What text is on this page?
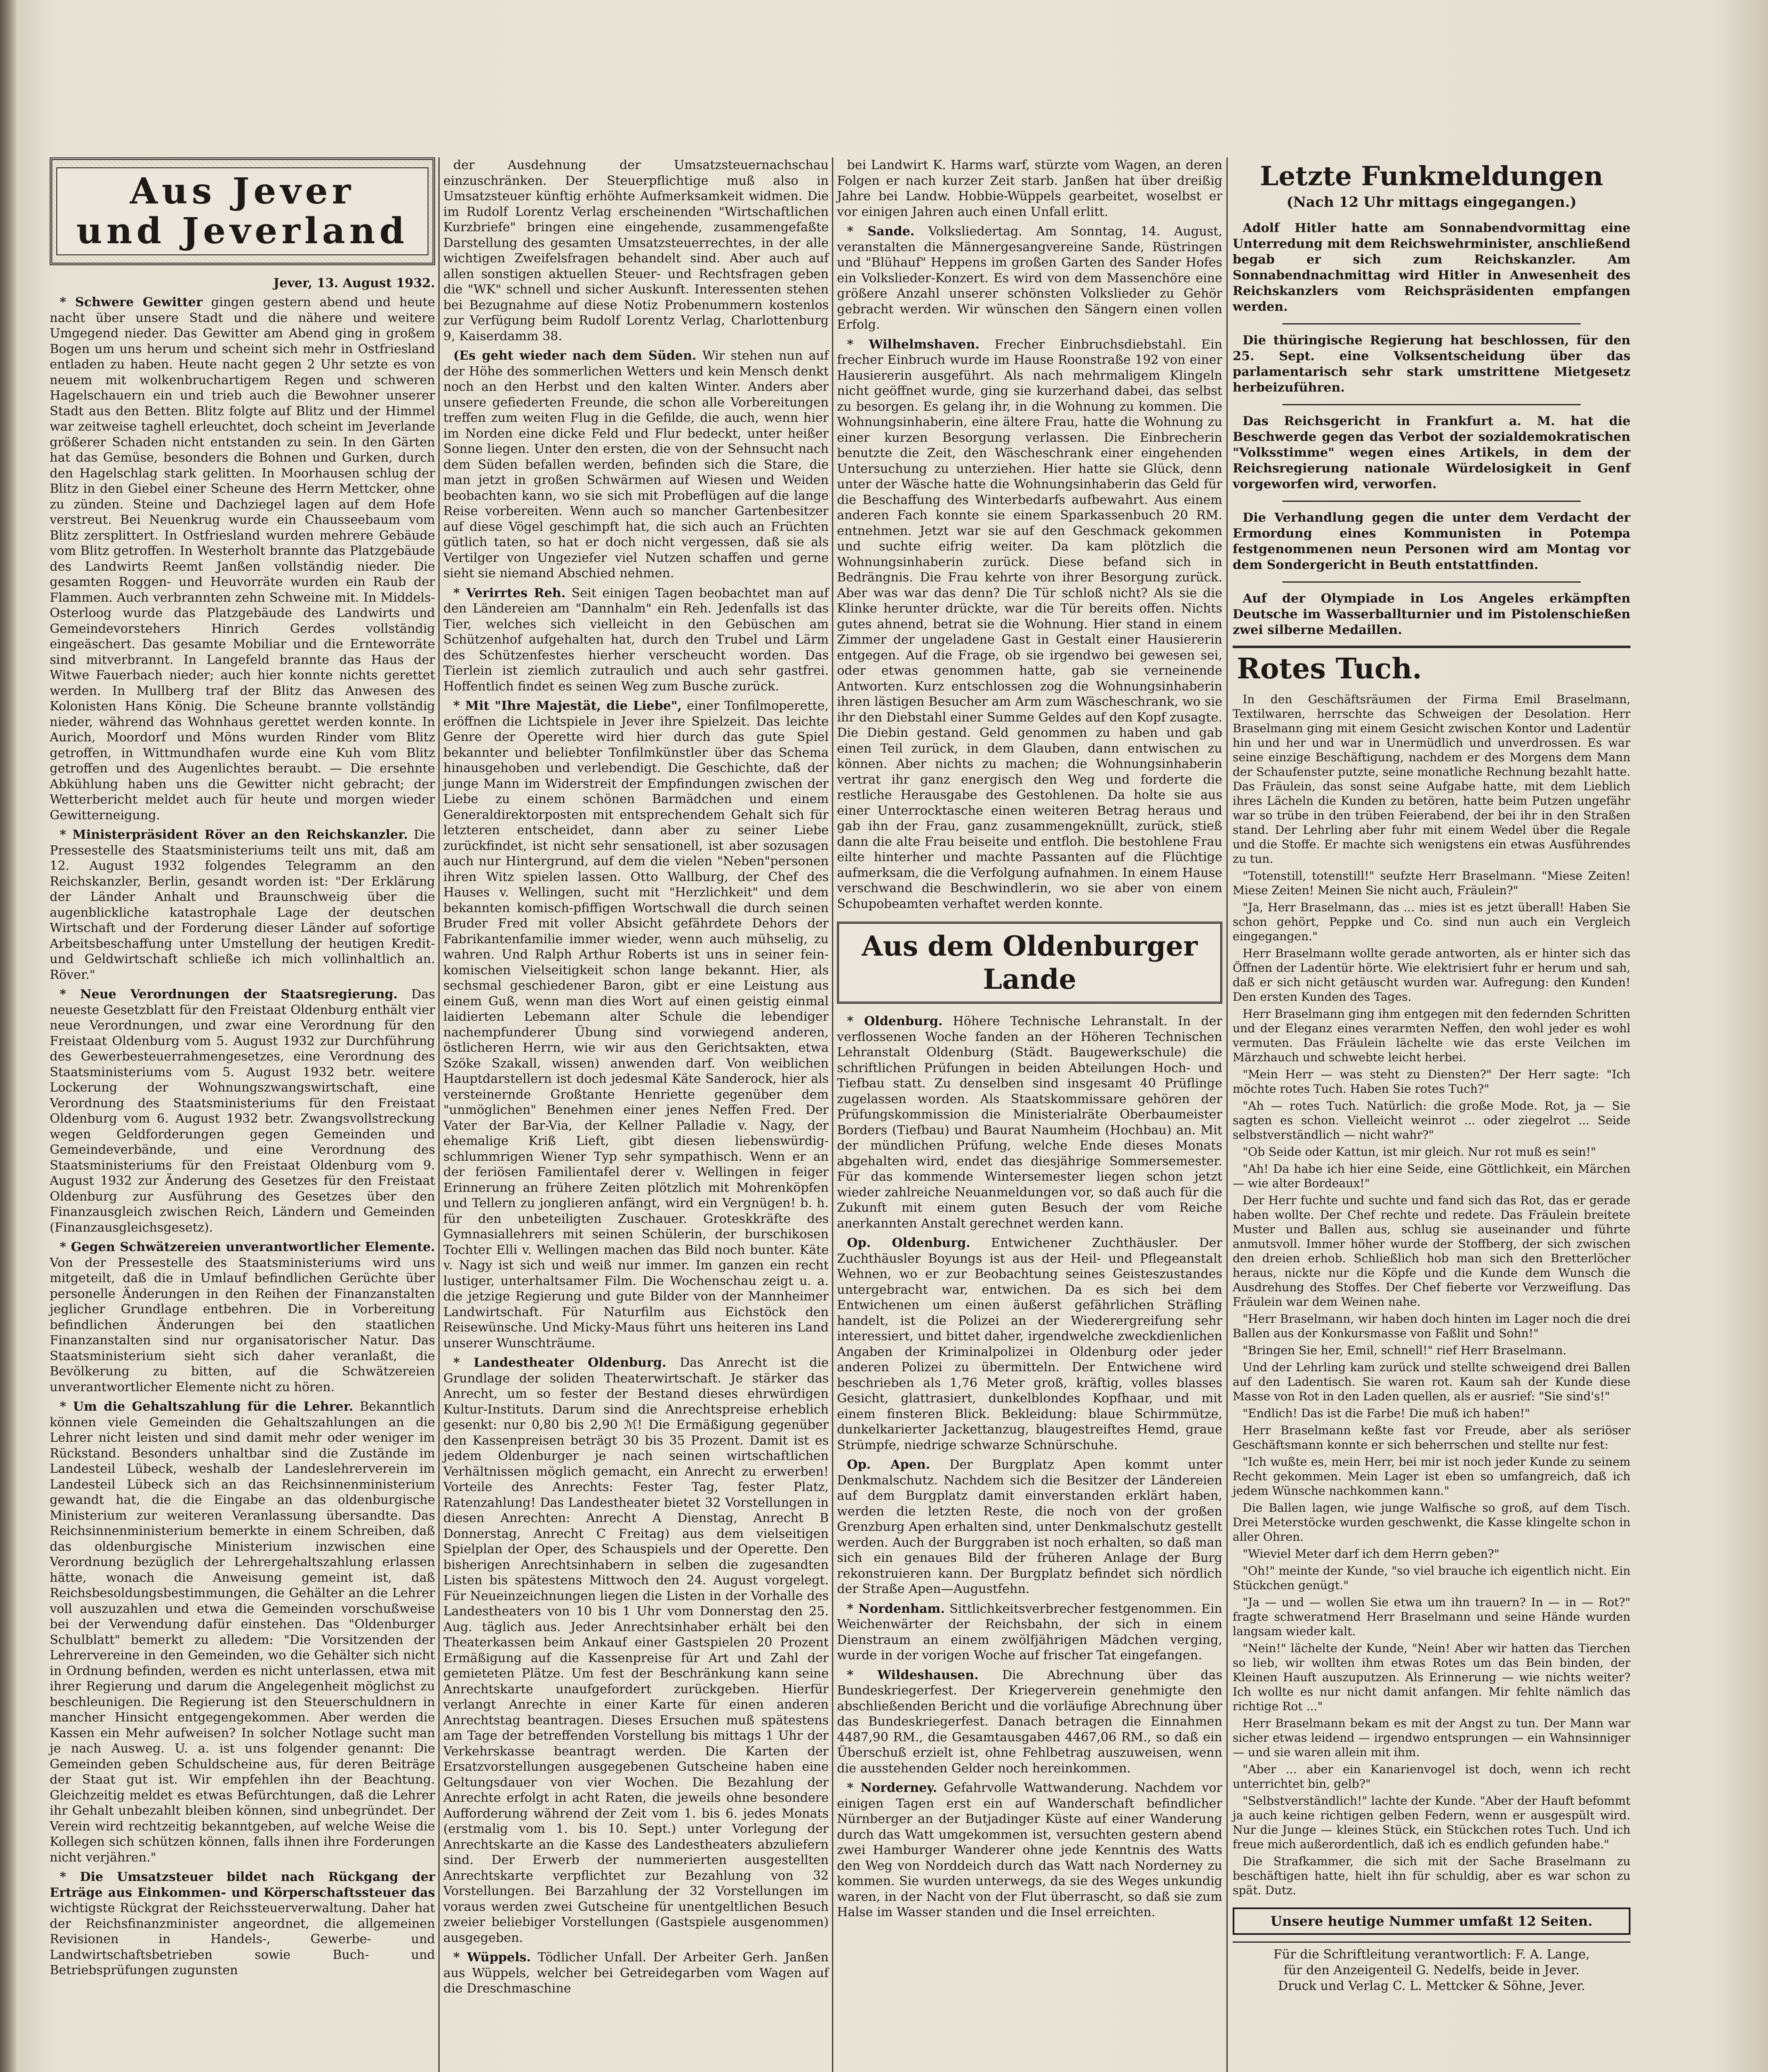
Aus Jever
und Jeverland
Jever, 13. August 1932.

* Schwere Gewitter gingen gestern abend und heute nacht über unsere Stadt und die nähere und weitere Umgegend nieder. Das Gewitter am Abend ging in großem Bogen um uns herum und scheint sich mehr in Ostfriesland entladen zu haben. Heute nacht gegen 2 Uhr setzte es von neuem mit wolkenbruchartigem Regen und schweren Hagelschauern ein und trieb auch die Bewohner unserer Stadt aus den Betten. Blitz folgte auf Blitz und der Himmel war zeitweise taghell erleuchtet, doch scheint im Jeverlande größerer Schaden nicht entstanden zu sein. In den Gärten hat das Gemüse, besonders die Bohnen und Gurken, durch den Hagelschlag stark gelitten. In Moorhausen schlug der Blitz in den Giebel einer Scheune des Herrn Mettcker, ohne zu zünden. Steine und Dachziegel lagen auf dem Hofe verstreut. Bei Neuenkrug wurde ein Chausseebaum vom Blitz zersplittert. In Ostfriesland wurden mehrere Gebäude vom Blitz getroffen. In Westerholt brannte das Platzgebäude des Landwirts Reemt Janßen vollständig nieder. Die gesamten Roggen- und Heuvorräte wurden ein Raub der Flammen. Auch verbrannten zehn Schweine mit. In Middels-Osterloog wurde das Platzgebäude des Landwirts und Gemeindevorstehers Hinrich Gerdes vollständig eingeäschert. Das gesamte Mobiliar und die Ernteworräte sind mitverbrannt. In Langefeld brannte das Haus der Witwe Fauerbach nieder; auch hier konnte nichts gerettet werden. In Mullberg traf der Blitz das Anwesen des Kolonisten Hans König. Die Scheune brannte vollständig nieder, während das Wohnhaus gerettet werden konnte. In Aurich, Moordorf und Möns wurden Rinder vom Blitz getroffen, in Wittmundhafen wurde eine Kuh vom Blitz getroffen und des Augenlichtes beraubt. — Die ersehnte Abkühlung haben uns die Gewitter nicht gebracht; der Wetterbericht meldet auch für heute und morgen wieder Gewitterneigung.

* Ministerpräsident Röver an den Reichskanzler. Die Pressestelle des Staatsministeriums teilt uns mit, daß am 12. August 1932 folgendes Telegramm an den Reichskanzler, Berlin, gesandt worden ist: "Der Erklärung der Länder Anhalt und Braunschweig über die augenblickliche katastrophale Lage der deutschen Wirtschaft und der Forderung dieser Länder auf sofortige Arbeitsbeschaffung unter Umstellung der heutigen Kredit- und Geldwirtschaft schließe ich mich vollinhaltlich an. Röver."

* Neue Verordnungen der Staatsregierung. Das neueste Gesetzblatt für den Freistaat Oldenburg enthält vier neue Verordnungen, und zwar eine Verordnung für den Freistaat Oldenburg vom 5. August 1932 zur Durchführung des Gewerbesteuerrahmengesetzes, eine Verordnung des Staatsministeriums vom 5. August 1932 betr. weitere Lockerung der Wohnungszwangswirtschaft, eine Verordnung des Staatsministeriums für den Freistaat Oldenburg vom 6. August 1932 betr. Zwangsvollstreckung wegen Geldforderungen gegen Gemeinden und Gemeindeverbände, und eine Verordnung des Staatsministeriums für den Freistaat Oldenburg vom 9. August 1932 zur Änderung des Gesetzes für den Freistaat Oldenburg zur Ausführung des Gesetzes über den Finanzausgleich zwischen Reich, Ländern und Gemeinden (Finanzausgleichsgesetz).

* Gegen Schwätzereien unverantwortlicher Elemente. Von der Pressestelle des Staatsministeriums wird uns mitgeteilt, daß die in Umlauf befindlichen Gerüchte über personelle Änderungen in den Reihen der Finanzanstalten jeglicher Grundlage entbehren. Die in Vorbereitung befindlichen Änderungen bei den staatlichen Finanzanstalten sind nur organisatorischer Natur. Das Staatsministerium sieht sich daher veranlaßt, die Bevölkerung zu bitten, auf die Schwätzereien unverantwortlicher Elemente nicht zu hören.

* Um die Gehaltszahlung für die Lehrer. Bekanntlich können viele Gemeinden die Gehaltszahlungen an die Lehrer nicht leisten und sind damit mehr oder weniger im Rückstand. Besonders unhaltbar sind die Zustände im Landesteil Lübeck, weshalb der Landeslehrerverein im Landesteil Lübeck sich an das Reichsinnenministerium gewandt hat, die die Eingabe an das oldenburgische Ministerium zur weiteren Veranlassung übersandte. Das Reichsinnenministerium bemerkte in einem Schreiben, daß das oldenburgische Ministerium inzwischen eine Verordnung bezüglich der Lehrergehaltszahlung erlassen hätte, wonach die Anweisung gemeint ist, daß Reichsbesoldungsbestimmungen, die Gehälter an die Lehrer voll auszuzahlen und etwa die Gemeinden vorschußweise bei der Verwendung dafür einstehen. Das "Oldenburger Schulblatt" bemerkt zu alledem: "Die Vorsitzenden der Lehrervereine in den Gemeinden, wo die Gehälter sich nicht in Ordnung befinden, werden es nicht unterlassen, etwa mit ihrer Regierung und darum die Angelegenheit möglichst zu beschleunigen. Die Regierung ist den Steuerschuldnern in mancher Hinsicht entgegengekommen. Aber werden die Kassen ein Mehr aufweisen? In solcher Notlage sucht man je nach Ausweg. U. a. ist uns folgender genannt: Die Gemeinden geben Schuldscheine aus, für deren Beiträge der Staat gut ist. Wir empfehlen ihn der Beachtung. Gleichzeitig meldet es etwas Befürchtungen, daß die Lehrer ihr Gehalt unbezahlt bleiben können, sind unbegründet. Der Verein wird rechtzeitig bekanntgeben, auf welche Weise die Kollegen sich schützen können, falls ihnen ihre Forderungen nicht verjähren."

* Die Umsatzsteuer bildet nach Rückgang der Erträge aus Einkommen- und Körperschaftssteuer das wichtigste Rückgrat der Reichssteuerverwaltung. Daher hat der Reichsfinanzminister angeordnet, die allgemeinen Revisionen in Handels-, Gewerbe- und Landwirtschaftsbetrieben sowie Buch- und Betriebsprüfungen zugunsten

der Ausdehnung der Umsatzsteuernachschau einzuschränken. Der Steuerpflichtige muß also in Umsatzsteuer künftig erhöhte Aufmerksamkeit widmen. Die im Rudolf Lorentz Verlag erscheinenden "Wirtschaftlichen Kurzbriefe" bringen eine eingehende, zusammengefaßte Darstellung des gesamten Umsatzsteuerrechtes, in der alle wichtigen Zweifelsfragen behandelt sind. Aber auch auf allen sonstigen aktuellen Steuer- und Rechtsfragen geben die "WK" schnell und sicher Auskunft. Interessenten stehen bei Bezugnahme auf diese Notiz Probenummern kostenlos zur Verfügung beim Rudolf Lorentz Verlag, Charlottenburg 9, Kaiserdamm 38.

(Es geht wieder nach dem Süden. Wir stehen nun auf der Höhe des sommerlichen Wetters und kein Mensch denkt noch an den Herbst und den kalten Winter. Anders aber unsere gefiederten Freunde, die schon alle Vorbereitungen treffen zum weiten Flug in die Gefilde, die auch, wenn hier im Norden eine dicke Feld und Flur bedeckt, unter heißer Sonne liegen. Unter den ersten, die von der Sehnsucht nach dem Süden befallen werden, befinden sich die Stare, die man jetzt in großen Schwärmen auf Wiesen und Weiden beobachten kann, wo sie sich mit Probeflügen auf die lange Reise vorbereiten. Wenn auch so mancher Gartenbesitzer auf diese Vögel geschimpft hat, die sich auch an Früchten gütlich taten, so hat er doch nicht vergessen, daß sie als Vertilger von Ungeziefer viel Nutzen schaffen und gerne sieht sie niemand Abschied nehmen.

* Verirrtes Reh. Seit einigen Tagen beobachtet man auf den Ländereien am "Dannhalm" ein Reh. Jedenfalls ist das Tier, welches sich vielleicht in den Gebüschen am Schützenhof aufgehalten hat, durch den Trubel und Lärm des Schützenfestes hierher verscheucht worden. Das Tierlein ist ziemlich zutraulich und auch sehr gastfrei. Hoffentlich findet es seinen Weg zum Busche zurück.

* Mit "Ihre Majestät, die Liebe", einer Tonfilmoperette, eröffnen die Lichtspiele in Jever ihre Spielzeit. Das leichte Genre der Operette wird hier durch das gute Spiel bekannter und beliebter Tonfilmkünstler über das Schema hinausgehoben und verlebendigt. Die Geschichte, daß der junge Mann im Widerstreit der Empfindungen zwischen der Liebe zu einem schönen Barmädchen und einem Generaldirektorposten mit entsprechendem Gehalt sich für letzteren entscheidet, dann aber zu seiner Liebe zurückfindet, ist nicht sehr sensationell, ist aber sozusagen auch nur Hintergrund, auf dem die vielen "Neben"personen ihren Witz spielen lassen. Otto Wallburg, der Chef des Hauses v. Wellingen, sucht mit "Herzlichkeit" und dem bekannten komisch-pfiffigen Wortschwall die durch seinen Bruder Fred mit voller Absicht gefährdete Dehors der Fabrikantenfamilie immer wieder, wenn auch mühselig, zu wahren. Und Ralph Arthur Roberts ist uns in seiner fein-komischen Vielseitigkeit schon lange bekannt. Hier, als sechsmal geschiedener Baron, gibt er eine Leistung aus einem Guß, wenn man dies Wort auf einen geistig einmal laidierten Lebemann alter Schule die lebendiger nachempfunderer Übung sind vorwiegend anderen, östlicheren Herrn, wie wir aus den Gerichtsakten, etwa Szöke Szakall, wissen) anwenden darf. Von weiblichen Hauptdarstellern ist doch jedesmal Käte Sanderock, hier als versteinernde Großtante Henriette gegenüber dem "unmöglichen" Benehmen einer jenes Neffen Fred. Der Vater der Bar-Via, der Kellner Palladie v. Nagy, der ehemalige Kriß Lieft, gibt diesen liebenswürdig-schlummrigen Wiener Typ sehr sympathisch. Wenn er an der feriösen Familientafel derer v. Wellingen in feiger Erinnerung an frühere Zeiten plötzlich mit Mohrenköpfen und Tellern zu jonglieren anfängt, wird ein Vergnügen! b. h. für den unbeteiligten Zuschauer. Groteskkräfte des Gymnasiallehrers mit seinen Schülerin, der burschikosen Tochter Elli v. Wellingen machen das Bild noch bunter. Käte v. Nagy ist sich und weiß nur immer. Im ganzen ein recht lustiger, unterhaltsamer Film. Die Wochenschau zeigt u. a. die jetzige Regierung und gute Bilder von der Mannheimer Landwirtschaft. Für Naturfilm aus Eichstöck den Reisewünsche. Und Micky-Maus führt uns heiteren ins Land unserer Wunschträume.

* Landestheater Oldenburg. Das Anrecht ist die Grundlage der soliden Theaterwirtschaft. Je stärker das Anrecht, um so fester der Bestand dieses ehrwürdigen Kultur-Instituts. Darum sind die Anrechtspreise erheblich gesenkt: nur 0,80 bis 2,90 ℳ! Die Ermäßigung gegenüber den Kassenpreisen beträgt 30 bis 35 Prozent. Damit ist es jedem Oldenburger je nach seinen wirtschaftlichen Verhältnissen möglich gemacht, ein Anrecht zu erwerben! Vorteile des Anrechts: Fester Tag, fester Platz, Ratenzahlung! Das Landestheater bietet 32 Vorstellungen in diesen Anrechten: Anrecht A Dienstag, Anrecht B Donnerstag, Anrecht C Freitag) aus dem vielseitigen Spielplan der Oper, des Schauspiels und der Operette. Den bisherigen Anrechtsinhabern in selben die zugesandten Listen bis spätestens Mittwoch den 24. August vorgelegt. Für Neueinzeichnungen liegen die Listen in der Vorhalle des Landestheaters von 10 bis 1 Uhr vom Donnerstag den 25. Aug. täglich aus. Jeder Anrechtsinhaber erhält bei den Theaterkassen beim Ankauf einer Gastspielen 20 Prozent Ermäßigung auf die Kassenpreise für Art und Zahl der gemieteten Plätze. Um fest der Beschränkung kann seine Anrechtskarte unaufgefordert zurückgeben. Hierfür verlangt Anrechte in einer Karte für einen anderen Anrechtstag beantragen. Dieses Ersuchen muß spätestens am Tage der betreffenden Vorstellung bis mittags 1 Uhr der Verkehrskasse beantragt werden. Die Karten der Ersatzvorstellungen ausgegebenen Gutscheine haben eine Geltungsdauer von vier Wochen. Die Bezahlung der Anrechte erfolgt in acht Raten, die jeweils ohne besondere Aufforderung während der Zeit vom 1. bis 6. jedes Monats (erstmalig vom 1. bis 10. Sept.) unter Vorlegung der Anrechtskarte an die Kasse des Landestheaters abzuliefern sind. Der Erwerb der nummerierten ausgestellten Anrechtskarte verpflichtet zur Bezahlung von 32 Vorstellungen. Bei Barzahlung der 32 Vorstellungen im voraus werden zwei Gutscheine für unentgeltlichen Besuch zweier beliebiger Vorstellungen (Gastspiele ausgenommen) ausgegeben.

* Wüppels. Tödlicher Unfall. Der Arbeiter Gerh. Janßen aus Wüppels, welcher bei Getreidegarben vom Wagen auf die Dreschmaschine

bei Landwirt K. Harms warf, stürzte vom Wagen, an deren Folgen er nach kurzer Zeit starb. Janßen hat über dreißig Jahre bei Landw. Hobbie-Wüppels gearbeitet, woselbst er vor einigen Jahren auch einen Unfall erlitt.

* Sande. Volksliedertag. Am Sonntag, 14. August, veranstalten die Männergesangvereine Sande, Rüstringen und "Blühauf" Heppens im großen Garten des Sander Hofes ein Volkslieder-Konzert. Es wird von dem Massenchöre eine größere Anzahl unserer schönsten Volkslieder zu Gehör gebracht werden. Wir wünschen den Sängern einen vollen Erfolg.

* Wilhelmshaven. Frecher Einbruchsdiebstahl. Ein frecher Einbruch wurde im Hause Roonstraße 192 von einer Hausiererin ausgeführt. Als nach mehrmaligem Klingeln nicht geöffnet wurde, ging sie kurzerhand dabei, das selbst zu besorgen. Es gelang ihr, in die Wohnung zu kommen. Die Wohnungsinhaberin, eine ältere Frau, hatte die Wohnung zu einer kurzen Besorgung verlassen. Die Einbrecherin benutzte die Zeit, den Wäscheschrank einer eingehenden Untersuchung zu unterziehen. Hier hatte sie Glück, denn unter der Wäsche hatte die Wohnungsinhaberin das Geld für die Beschaffung des Winterbedarfs aufbewahrt. Aus einem anderen Fach konnte sie einem Sparkassenbuch 20 RM. entnehmen. Jetzt war sie auf den Geschmack gekommen und suchte eifrig weiter. Da kam plötzlich die Wohnungsinhaberin zurück. Diese befand sich in Bedrängnis. Die Frau kehrte von ihrer Besorgung zurück. Aber was war das denn? Die Tür schloß nicht? Als sie die Klinke herunter drückte, war die Tür bereits offen. Nichts gutes ahnend, betrat sie die Wohnung. Hier stand in einem Zimmer der ungeladene Gast in Gestalt einer Hausiererin entgegen. Auf die Frage, ob sie irgendwo bei gewesen sei, oder etwas genommen hatte, gab sie verneinende Antworten. Kurz entschlossen zog die Wohnungsinhaberin ihren lästigen Besucher am Arm zum Wäscheschrank, wo sie ihr den Diebstahl einer Summe Geldes auf den Kopf zusagte. Die Diebin gestand. Geld genommen zu haben und gab einen Teil zurück, in dem Glauben, dann entwischen zu können. Aber nichts zu machen; die Wohnungsinhaberin vertrat ihr ganz energisch den Weg und forderte die restliche Herausgabe des Gestohlenen. Da holte sie aus einer Unterrocktasche einen weiteren Betrag heraus und gab ihn der Frau, ganz zusammengeknüllt, zurück, stieß dann die alte Frau beiseite und entfloh. Die bestohlene Frau eilte hinterher und machte Passanten auf die Flüchtige aufmerksam, die die Verfolgung aufnahmen. In einem Hause verschwand die Beschwindlerin, wo sie aber von einem Schupobeamten verhaftet werden konnte.

Aus dem Oldenburger
Lande

* Oldenburg. Höhere Technische Lehranstalt. In der verflossenen Woche fanden an der Höheren Technischen Lehranstalt Oldenburg (Städt. Baugewerkschule) die schriftlichen Prüfungen in beiden Abteilungen Hoch- und Tiefbau statt. Zu denselben sind insgesamt 40 Prüflinge zugelassen worden. Als Staatskommissare gehören der Prüfungskommission die Ministerialräte Oberbaumeister Borders (Tiefbau) und Baurat Naumheim (Hochbau) an. Mit der mündlichen Prüfung, welche Ende dieses Monats abgehalten wird, endet das diesjährige Sommersemester. Für das kommende Wintersemester liegen schon jetzt wieder zahlreiche Neuanmeldungen vor, so daß auch für die Zukunft mit einem guten Besuch der vom Reiche anerkannten Anstalt gerechnet werden kann.

Op. Oldenburg. Entwichener Zuchthäusler. Der Zuchthäusler Boyungs ist aus der Heil- und Pflegeanstalt Wehnen, wo er zur Beobachtung seines Geisteszustandes untergebracht war, entwichen. Da es sich bei dem Entwichenen um einen äußerst gefährlichen Sträfling handelt, ist die Polizei an der Wiederergreifung sehr interessiert, und bittet daher, irgendwelche zweckdienlichen Angaben der Kriminalpolizei in Oldenburg oder jeder anderen Polizei zu übermitteln. Der Entwichene wird beschrieben als 1,76 Meter groß, kräftig, volles blasses Gesicht, glattrasiert, dunkelblondes Kopfhaar, und mit einem finsteren Blick. Bekleidung: blaue Schirmmütze, dunkelkarierter Jackettanzug, blaugestreiftes Hemd, graue Strümpfe, niedrige schwarze Schnürschuhe.

Op. Apen. Der Burgplatz Apen kommt unter Denkmalschutz. Nachdem sich die Besitzer der Ländereien auf dem Burgplatz damit einverstanden erklärt haben, werden die letzten Reste, die noch von der großen Grenzburg Apen erhalten sind, unter Denkmalschutz gestellt werden. Auch der Burggraben ist noch erhalten, so daß man sich ein genaues Bild der früheren Anlage der Burg rekonstruieren kann. Der Burgplatz befindet sich nördlich der Straße Apen—Augustfehn.

* Nordenham. Sittlichkeitsverbrecher festgenommen. Ein Weichenwärter der Reichsbahn, der sich in einem Dienstraum an einem zwölfjährigen Mädchen verging, wurde in der vorigen Woche auf frischer Tat eingefangen.

* Wildeshausen. Die Abrechnung über das Bundeskriegerfest. Der Kriegerverein genehmigte den abschließenden Bericht und die vorläufige Abrechnung über das Bundeskriegerfest. Danach betragen die Einnahmen 4487,90 RM., die Gesamtausgaben 4467,06 RM., so daß ein Überschuß erzielt ist, ohne Fehlbetrag auszuweisen, wenn die ausstehenden Gelder noch hereinkommen.

* Norderney. Gefahrvolle Wattwanderung. Nachdem vor einigen Tagen erst ein auf Wanderschaft befindlicher Nürnberger an der Butjadinger Küste auf einer Wanderung durch das Watt umgekommen ist, versuchten gestern abend zwei Hamburger Wanderer ohne jede Kenntnis des Watts den Weg von Norddeich durch das Watt nach Norderney zu kommen. Sie wurden unterwegs, da sie des Weges unkundig waren, in der Nacht von der Flut überrascht, so daß sie zum Halse im Wasser standen und die Insel erreichten.

Letzte Funkmeldungen
(Nach 12 Uhr mittags eingegangen.)

Adolf Hitler hatte am Sonnabendvormittag eine Unterredung mit dem Reichswehrminister, anschließend begab er sich zum Reichskanzler. Am Sonnabendnachmittag wird Hitler in Anwesenheit des Reichskanzlers vom Reichspräsidenten empfangen werden.

Die thüringische Regierung hat beschlossen, für den 25. Sept. eine Volksentscheidung über das parlamentarisch sehr stark umstrittene Mietgesetz herbeizuführen.

Das Reichsgericht in Frankfurt a. M. hat die Beschwerde gegen das Verbot der sozialdemokratischen "Volksstimme" wegen eines Artikels, in dem der Reichsregierung nationale Würdelosigkeit in Genf vorgeworfen wird, verworfen.

Die Verhandlung gegen die unter dem Verdacht der Ermordung eines Kommunisten in Potempa festgenommenen neun Personen wird am Montag vor dem Sondergericht in Beuth entstattfinden.

Auf der Olympiade in Los Angeles erkämpften Deutsche im Wasserballturnier und im Pistolenschießen zwei silberne Medaillen.

Rotes Tuch.

In den Geschäftsräumen der Firma Emil Braselmann, Textilwaren, herrschte das Schweigen der Desolation. Herr Braselmann ging mit einem Gesicht zwischen Kontor und Ladentür hin und her und war in Unermüdlich und unverdrossen. Es war seine einzige Beschäftigung, nachdem er des Morgens dem Mann der Schaufenster putzte, seine monatliche Rechnung bezahlt hatte. Das Fräulein, das sonst seine Aufgabe hatte, mit dem Lieblich ihres Lächeln die Kunden zu betören, hatte beim Putzen ungefähr war so trübe in den trüben Feierabend, der bei ihr in den Straßen stand. Der Lehrling aber fuhr mit einem Wedel über die Regale und die Stoffe. Er machte sich wenigstens ein etwas Ausführendes zu tun.

"Totenstill, totenstill!" seufzte Herr Braselmann. "Miese Zeiten! Miese Zeiten! Meinen Sie nicht auch, Fräulein?"

"Ja, Herr Braselmann, das ... mies ist es jetzt überall! Haben Sie schon gehört, Peppke und Co. sind nun auch ein Vergleich eingegangen."

Herr Braselmann wollte gerade antworten, als er hinter sich das Öffnen der Ladentür hörte. Wie elektrisiert fuhr er herum und sah, daß er sich nicht getäuscht wurden war. Aufregung: den Kunden! Den ersten Kunden des Tages.

Herr Braselmann ging ihm entgegen mit den federnden Schritten und der Eleganz eines verarmten Neffen, den wohl jeder es wohl vermuten. Das Fräulein lächelte wie das erste Veilchen im Märzhauch und schwebte leicht herbei.

"Mein Herr — was steht zu Diensten?" Der Herr sagte: "Ich möchte rotes Tuch. Haben Sie rotes Tuch?"

"Ah — rotes Tuch. Natürlich: die große Mode. Rot, ja — Sie sagten es schon. Vielleicht weinrot ... oder ziegelrot ... Seide selbstverständlich — nicht wahr?"

"Ob Seide oder Kattun, ist mir gleich. Nur rot muß es sein!"

"Ah! Da habe ich hier eine Seide, eine Göttlichkeit, ein Märchen — wie alter Bordeaux!"

Der Herr fuchte und suchte und fand sich das Rot, das er gerade haben wollte. Der Chef rechte und redete. Das Fräulein breitete Muster und Ballen aus, schlug sie auseinander und führte anmutsvoll. Immer höher wurde der Stoffberg, der sich zwischen den dreien erhob. Schließlich hob man sich den Bretterlöcher heraus, nickte nur die Köpfe und die Kunde dem Wunsch die Ausdrehung des Stoffes. Der Chef fieberte vor Verzweiflung. Das Fräulein war dem Weinen nahe.

"Herr Braselmann, wir haben doch hinten im Lager noch die drei Ballen aus der Konkursmasse von Faßlit und Sohn!"

"Bringen Sie her, Emil, schnell!" rief Herr Braselmann.

Und der Lehrling kam zurück und stellte schweigend drei Ballen auf den Ladentisch. Sie waren rot. Kaum sah der Kunde diese Masse von Rot in den Laden quellen, als er ausrief: "Sie sind's!"

"Endlich! Das ist die Farbe! Die muß ich haben!"

Herr Braselmann keßte fast vor Freude, aber als seriöser Geschäftsmann konnte er sich beherrschen und stellte nur fest:

"Ich wußte es, mein Herr, bei mir ist noch jeder Kunde zu seinem Recht gekommen. Mein Lager ist eben so umfangreich, daß ich jedem Wünsche nachkommen kann."

Die Ballen lagen, wie junge Walfische so groß, auf dem Tisch. Drei Meterstöcke wurden geschwenkt, die Kasse klingelte schon in aller Ohren.

"Wieviel Meter darf ich dem Herrn geben?"

"Oh!" meinte der Kunde, "so viel brauche ich eigentlich nicht. Ein Stückchen genügt."

"Ja — und — wollen Sie etwa um ihn trauern? In — in — Rot?" fragte schweratmend Herr Braselmann und seine Hände wurden langsam wieder kalt.

"Nein!" lächelte der Kunde, "Nein! Aber wir hatten das Tierchen so lieb, wir wollten ihm etwas Rotes um das Bein binden, der Kleinen Hauft auszuputzen. Als Erinnerung — wie nichts weiter? Ich wollte es nur nicht damit anfangen. Mir fehlte nämlich das richtige Rot ..."

Herr Braselmann bekam es mit der Angst zu tun. Der Mann war sicher etwas leidend — irgendwo entsprungen — ein Wahnsinniger — und sie waren allein mit ihm.

"Aber ... aber ein Kanarienvogel ist doch, wenn ich recht unterrichtet bin, gelb?"

"Selbstverständlich!" lachte der Kunde. "Aber der Hauft befommt ja auch keine richtigen gelben Federn, wenn er ausgespült wird. Nur die Junge — kleines Stück, ein Stückchen rotes Tuch. Und ich freue mich außerordentlich, daß ich es endlich gefunden habe."

Die Strafkammer, die sich mit der Sache Braselmann zu beschäftigen hatte, hielt ihn für schuldig, aber es war schon zu spät. Dutz.

Unsere heutige Nummer umfaßt 12 Seiten.
Für die Schriftleitung verantwortlich: F. A. Lange,
für den Anzeigenteil G. Nedelfs, beide in Jever.
Druck und Verlag C. L. Mettcker & Söhne, Jever.
